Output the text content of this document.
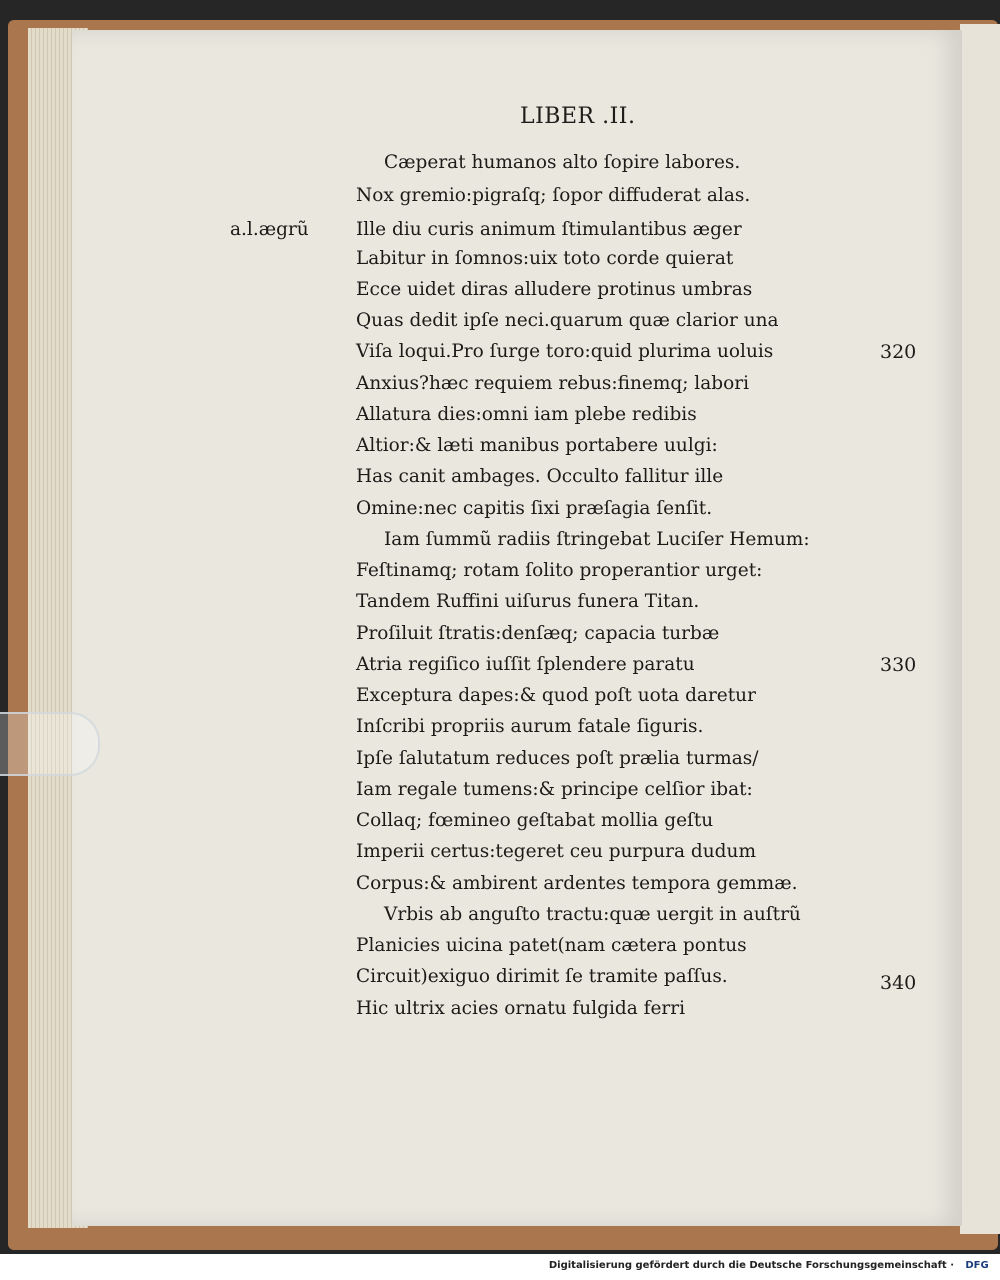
LIBER .II.
a.l.ægrũ
Cæperat humanos alto ſopire labores.
Nox gremio:pigraſq; ſopor diffuderat alas.
Ille diu curis animum ſtimulantibus æger
Labitur in ſomnos:uix toto corde quierat
Ecce uidet diras alludere protinus umbras
Quas dedit ipſe neci.quarum quæ clarior una
Viſa loqui.Pro ſurge toro:quid plurima uoluis
Anxius?hæc requiem rebus:finemq; labori
Allatura dies:omni iam plebe redibis
Altior:& læti manibus portabere uulgi:
Has canit ambages. Occulto fallitur ille
Omine:nec capitis ſixi præſagia ſenſit.
Iam ſummũ radiis ſtringebat Luciſer Hemum:
Feſtinamq; rotam ſolito properantior urget:
Tandem Ruffini uiſurus funera Titan.
Proſiluit ſtratis:denſæq; capacia turbæ
Atria regiſico iuſſit ſplendere paratu
Exceptura dapes:& quod poſt uota daretur
Inſcribi propriis aurum fatale ſiguris.
Ipſe ſalutatum reduces poſt prælia turmas/
Iam regale tumens:& principe celſior ibat:
Collaq; fœmineo geſtabat mollia geſtu
Imperii certus:tegeret ceu purpura dudum
Corpus:& ambirent ardentes tempora gemmæ.
Vrbis ab anguſto tractu:quæ uergit in auſtrũ
Planicies uicina patet(nam cætera pontus
Circuit)exiguo dirimit ſe tramite paſſus.
Hic ultrix acies ornatu fulgida ferri
320
330
340
Digitalisierung gefördert durch die Deutsche Forschungsgemeinschaft ·	DFG
